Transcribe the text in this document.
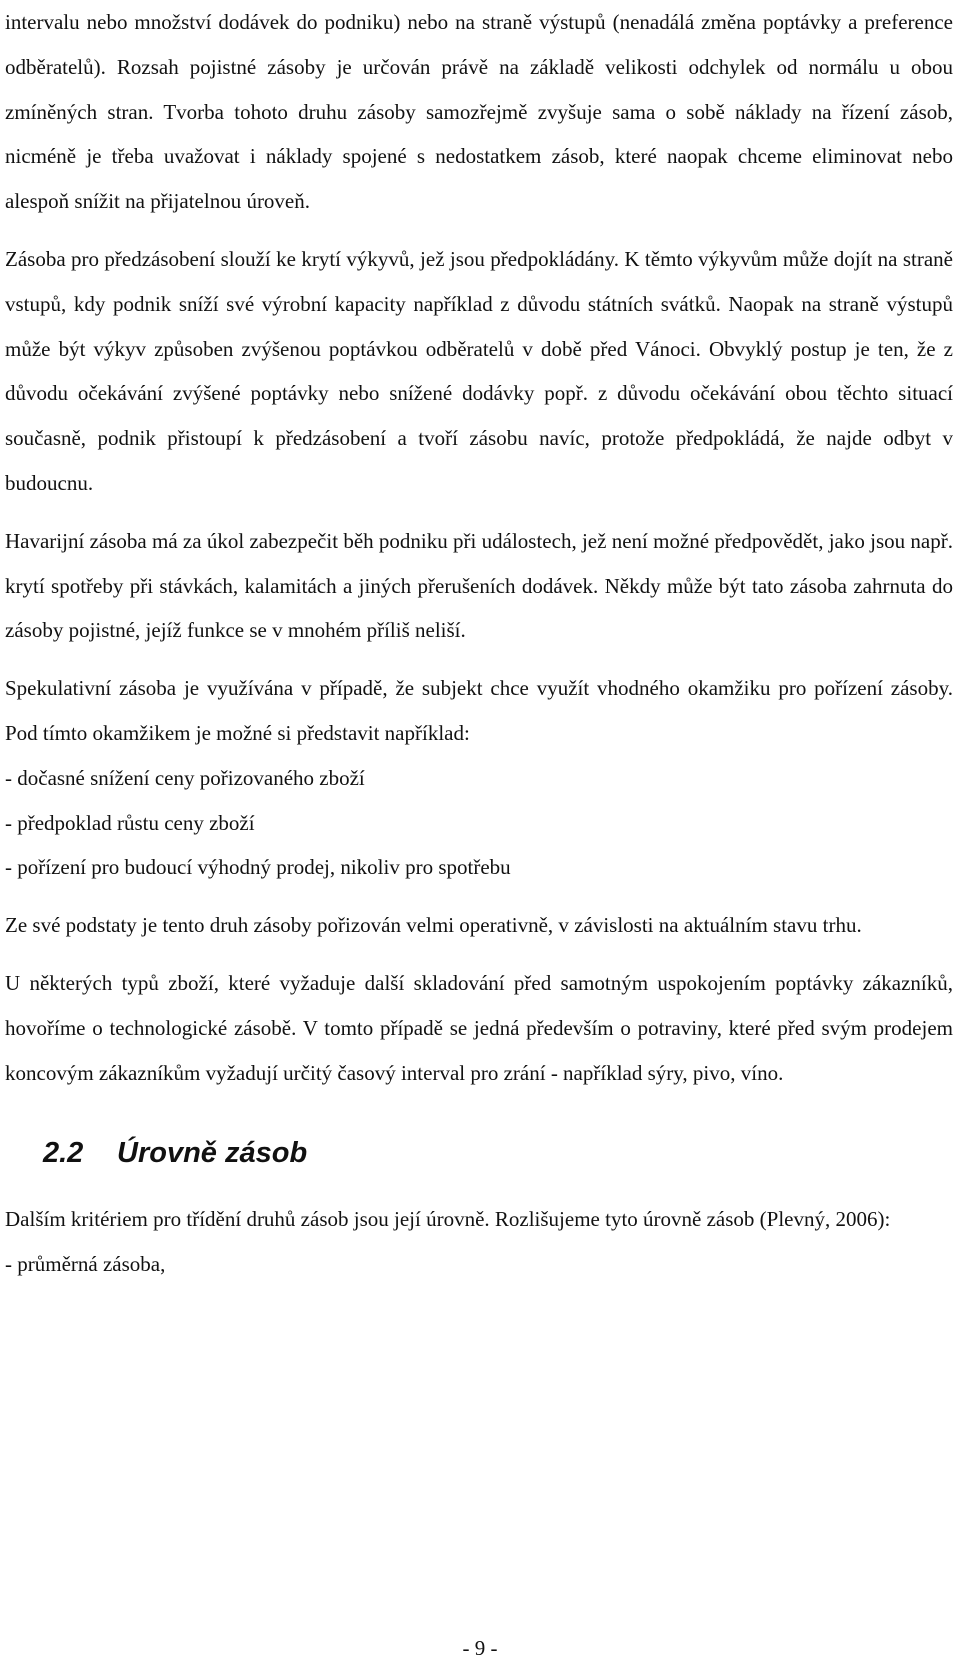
intervalu nebo množství dodávek do podniku) nebo na straně výstupů (nenadálá změna poptávky a preference odběratelů). Rozsah pojistné zásoby je určován právě na základě velikosti odchylek od normálu u obou zmíněných stran. Tvorba tohoto druhu zásoby samozřejmě zvyšuje sama o sobě náklady na řízení zásob, nicméně je třeba uvažovat i náklady spojené s nedostatkem zásob, které naopak chceme eliminovat nebo alespoň snížit na přijatelnou úroveň.

Zásoba pro předzásobení slouží ke krytí výkyvů, jež jsou předpokládány. K těmto výkyvům může dojít na straně vstupů, kdy podnik sníží své výrobní kapacity například z důvodu státních svátků. Naopak na straně výstupů může být výkyv způsoben zvýšenou poptávkou odběratelů v době před Vánoci. Obvyklý postup je ten, že z důvodu očekávání zvýšené poptávky nebo snížené dodávky popř. z důvodu očekávání obou těchto situací současně, podnik přistoupí k předzásobení a tvoří zásobu navíc, protože předpokládá, že najde odbyt v budoucnu.

Havarijní zásoba má za úkol zabezpečit běh podniku při událostech, jež není možné předpovědět, jako jsou např. krytí spotřeby při stávkách, kalamitách a jiných přerušeních dodávek. Někdy může být tato zásoba zahrnuta do zásoby pojistné, jejíž funkce se v mnohém příliš neliší.

Spekulativní zásoba je využívána v případě, že subjekt chce využít vhodného okamžiku pro pořízení zásoby. Pod tímto okamžikem je možné si představit například:

- dočasné snížení ceny pořizovaného zboží

- předpoklad růstu ceny zboží

- pořízení pro budoucí výhodný prodej, nikoliv pro spotřebu

Ze své podstaty je tento druh zásoby pořizován velmi operativně, v závislosti na aktuálním stavu trhu.

U některých typů zboží, které vyžaduje další skladování před samotným uspokojením poptávky zákazníků, hovoříme o technologické zásobě. V tomto případě se jedná především o potraviny, které před svým prodejem koncovým zákazníkům vyžadují určitý časový interval pro zrání - například sýry, pivo, víno.

2.2	Úrovně zásob

Dalším kritériem pro třídění druhů zásob jsou její úrovně. Rozlišujeme tyto úrovně zásob (Plevný, 2006):

- průměrná zásoba,

- 9 -
